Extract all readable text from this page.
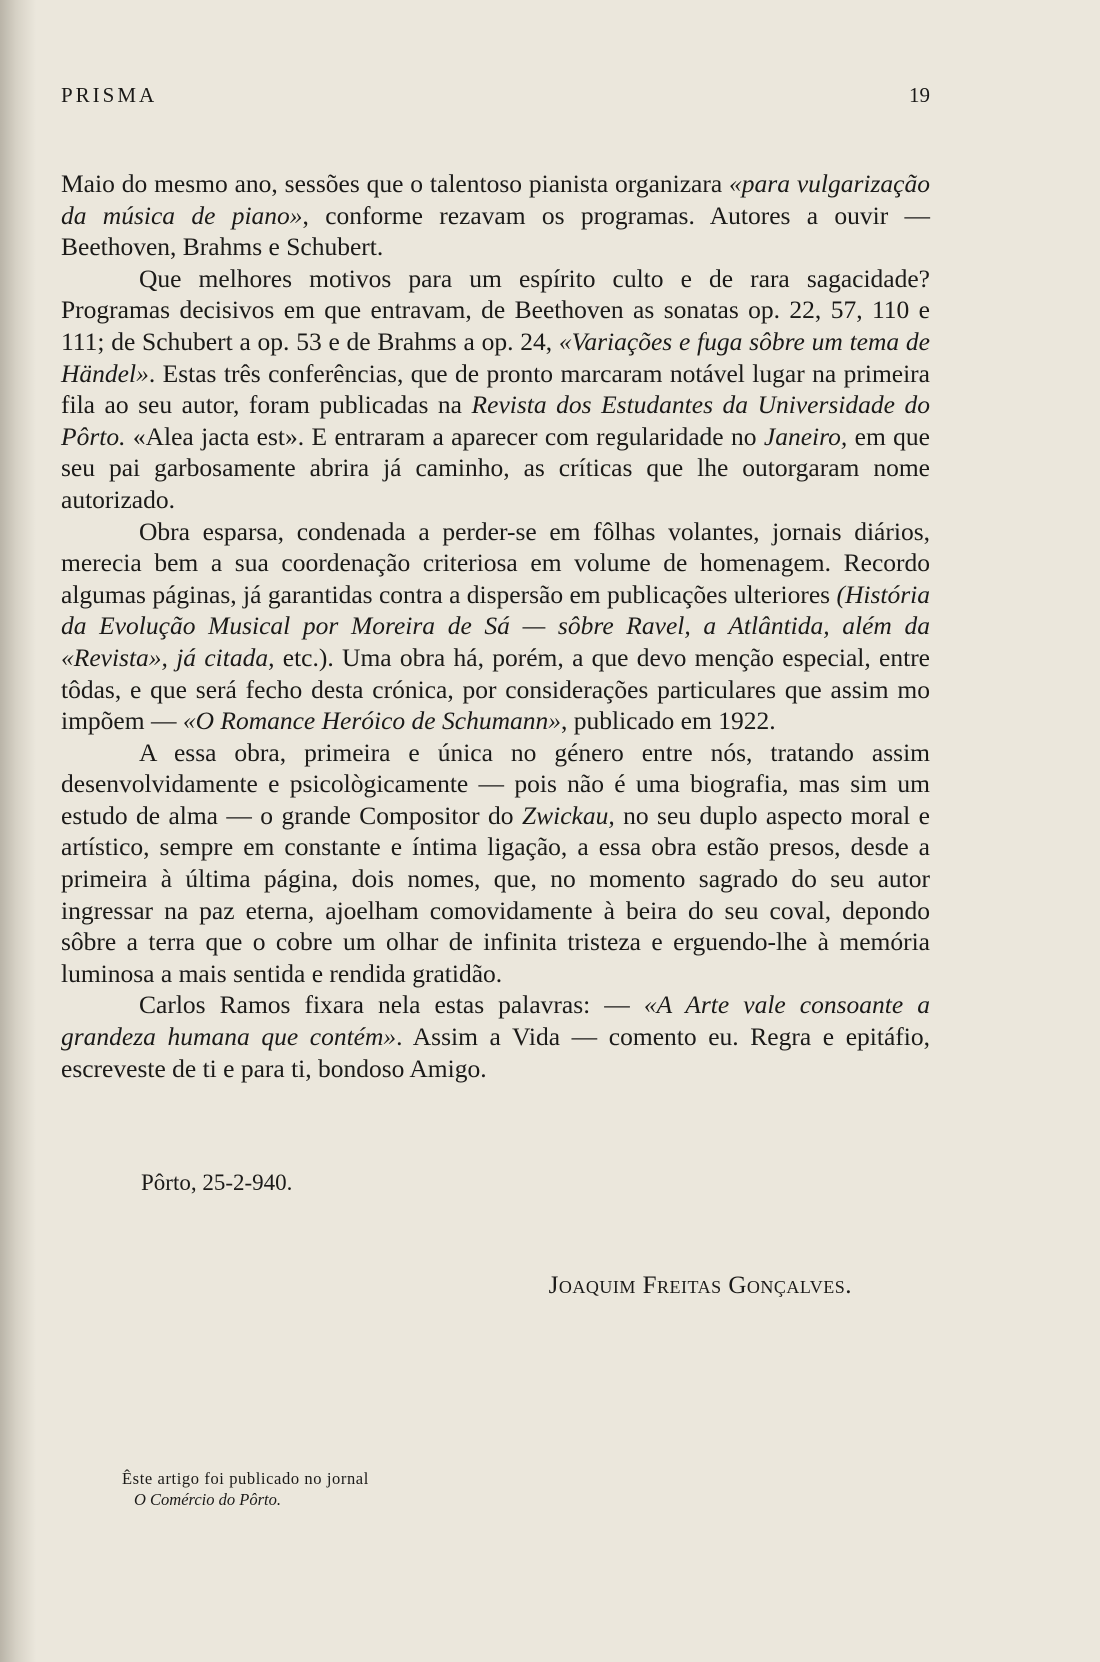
PRISMA	19

Maio do mesmo ano, sessões que o talentoso pianista organizara «para vulgarização da música de piano», conforme rezavam os programas. Autores a ouvir — Beethoven, Brahms e Schubert.

Que melhores motivos para um espírito culto e de rara sagacidade? Programas decisivos em que entravam, de Beethoven as sonatas op. 22, 57, 110 e 111; de Schubert a op. 53 e de Brahms a op. 24, «Variações e fuga sôbre um tema de Händel». Estas três conferências, que de pronto marcaram notável lugar na primeira fila ao seu autor, foram publicadas na Revista dos Estudantes da Universidade do Pôrto. «Alea jacta est». E entraram a aparecer com regularidade no Janeiro, em que seu pai garbosamente abrira já caminho, as críticas que lhe outorgaram nome autorizado.

Obra esparsa, condenada a perder-se em fôlhas volantes, jornais diários, merecia bem a sua coordenação criteriosa em volume de homenagem. Recordo algumas páginas, já garantidas contra a dispersão em publicações ulteriores (História da Evolução Musical por Moreira de Sá — sôbre Ravel, a Atlântida, além da «Revista», já citada, etc.). Uma obra há, porém, a que devo menção especial, entre tôdas, e que será fecho desta crónica, por considerações particulares que assim mo impõem — «O Romance Heróico de Schumann», publicado em 1922.

A essa obra, primeira e única no género entre nós, tratando assim desenvolvidamente e psicològicamente — pois não é uma biografia, mas sim um estudo de alma — o grande Compositor do Zwickau, no seu duplo aspecto moral e artístico, sempre em constante e íntima ligação, a essa obra estão presos, desde a primeira à última página, dois nomes, que, no momento sagrado do seu autor ingressar na paz eterna, ajoelham comovidamente à beira do seu coval, depondo sôbre a terra que o cobre um olhar de infinita tristeza e erguendo-lhe à memória luminosa a mais sentida e rendida gratidão.

Carlos Ramos fixara nela estas palavras: — «A Arte vale consoante a grandeza humana que contém». Assim a Vida — comento eu. Regra e epitáfio, escreveste de ti e para ti, bondoso Amigo.

Pôrto, 25-2-940.
Joaquim Freitas Gonçalves.
Êste artigo foi publicado no jornal
O Comércio do Pôrto.
